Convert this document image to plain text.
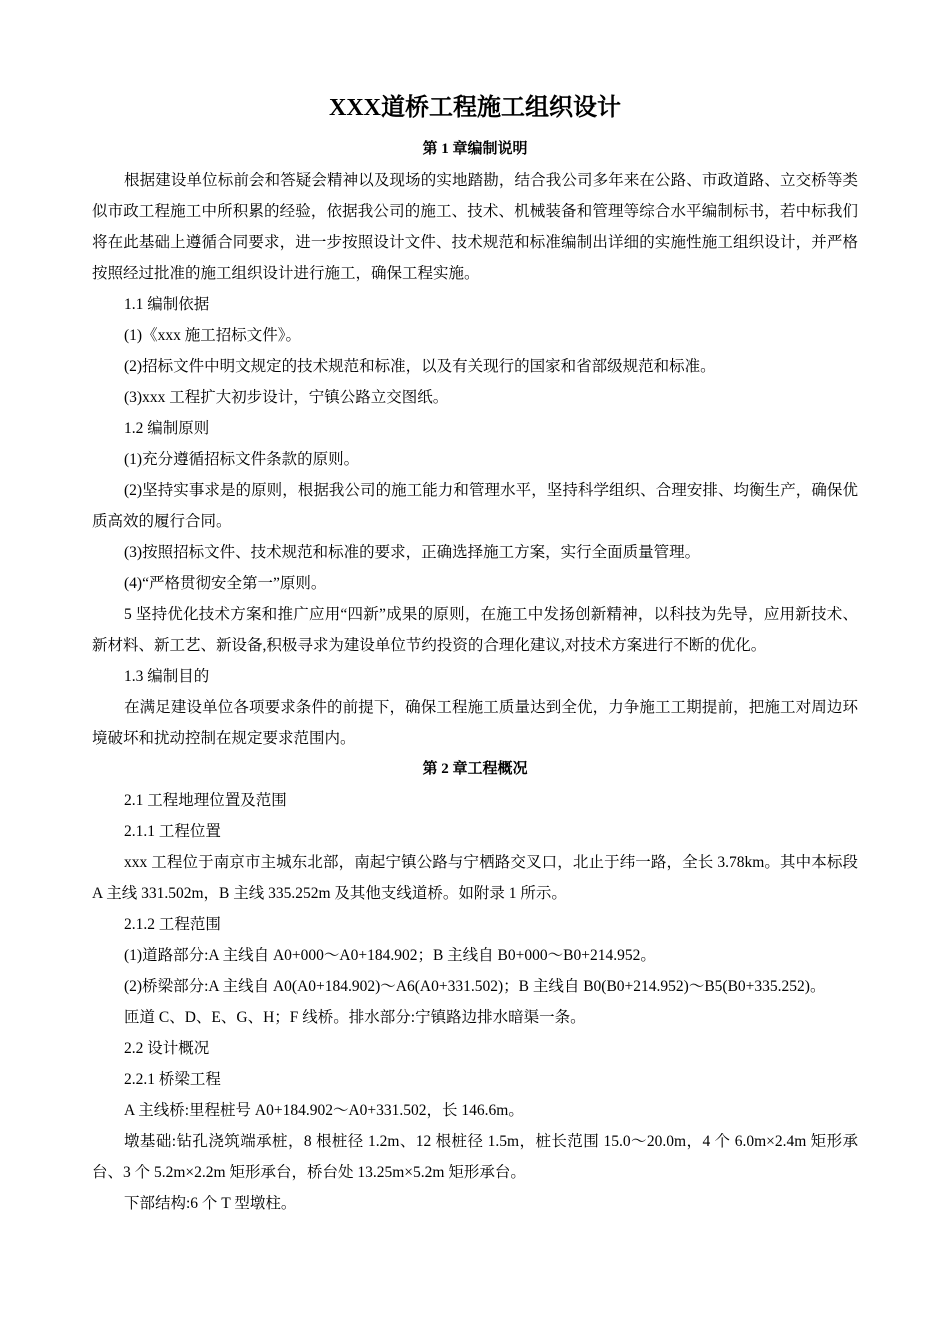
XXX道桥工程施工组织设计
第 1 章编制说明

根据建设单位标前会和答疑会精神以及现场的实地踏勘，结合我公司多年来在公路、市政道路、立交桥等类似市政工程施工中所积累的经验，依据我公司的施工、技术、机械装备和管理等综合水平编制标书，若中标我们将在此基础上遵循合同要求，进一步按照设计文件、技术规范和标准编制出详细的实施性施工组织设计，并严格按照经过批准的施工组织设计进行施工，确保工程实施。

1.1 编制依据

(1)《xxx 施工招标文件》。

(2)招标文件中明文规定的技术规范和标准，以及有关现行的国家和省部级规范和标准。

(3)xxx 工程扩大初步设计，宁镇公路立交图纸。

1.2 编制原则

(1)充分遵循招标文件条款的原则。

(2)坚持实事求是的原则，根据我公司的施工能力和管理水平，坚持科学组织、合理安排、均衡生产，确保优质高效的履行合同。

(3)按照招标文件、技术规范和标准的要求，正确选择施工方案，实行全面质量管理。

(4)“严格贯彻安全第一”原则。

5 坚持优化技术方案和推广应用“四新”成果的原则，在施工中发扬创新精神，以科技为先导，应用新技术、新材料、新工艺、新设备,积极寻求为建设单位节约投资的合理化建议,对技术方案进行不断的优化。

1.3 编制目的

在满足建设单位各项要求条件的前提下，确保工程施工质量达到全优，力争施工工期提前，把施工对周边环境破坏和扰动控制在规定要求范围内。

第 2 章工程概况

2.1 工程地理位置及范围

2.1.1 工程位置

xxx 工程位于南京市主城东北部，南起宁镇公路与宁栖路交叉口，北止于纬一路，全长 3.78km。其中本标段 A 主线 331.502m，B 主线 335.252m 及其他支线道桥。如附录 1 所示。

2.1.2 工程范围

(1)道路部分:A 主线自 A0+000～A0+184.902；B 主线自 B0+000～B0+214.952。

(2)桥梁部分:A 主线自 A0(A0+184.902)～A6(A0+331.502)；B 主线自 B0(B0+214.952)～B5(B0+335.252)。

匝道 C、D、E、G、H；F 线桥。排水部分:宁镇路边排水暗渠一条。

2.2 设计概况

2.2.1 桥梁工程

A 主线桥:里程桩号 A0+184.902～A0+331.502，长 146.6m。

墩基础:钻孔浇筑端承桩，8 根桩径 1.2m、12 根桩径 1.5m，桩长范围 15.0～20.0m，4 个 6.0m×2.4m 矩形承台、3 个 5.2m×2.2m 矩形承台，桥台处 13.25m×5.2m 矩形承台。

下部结构:6 个 T 型墩柱。
